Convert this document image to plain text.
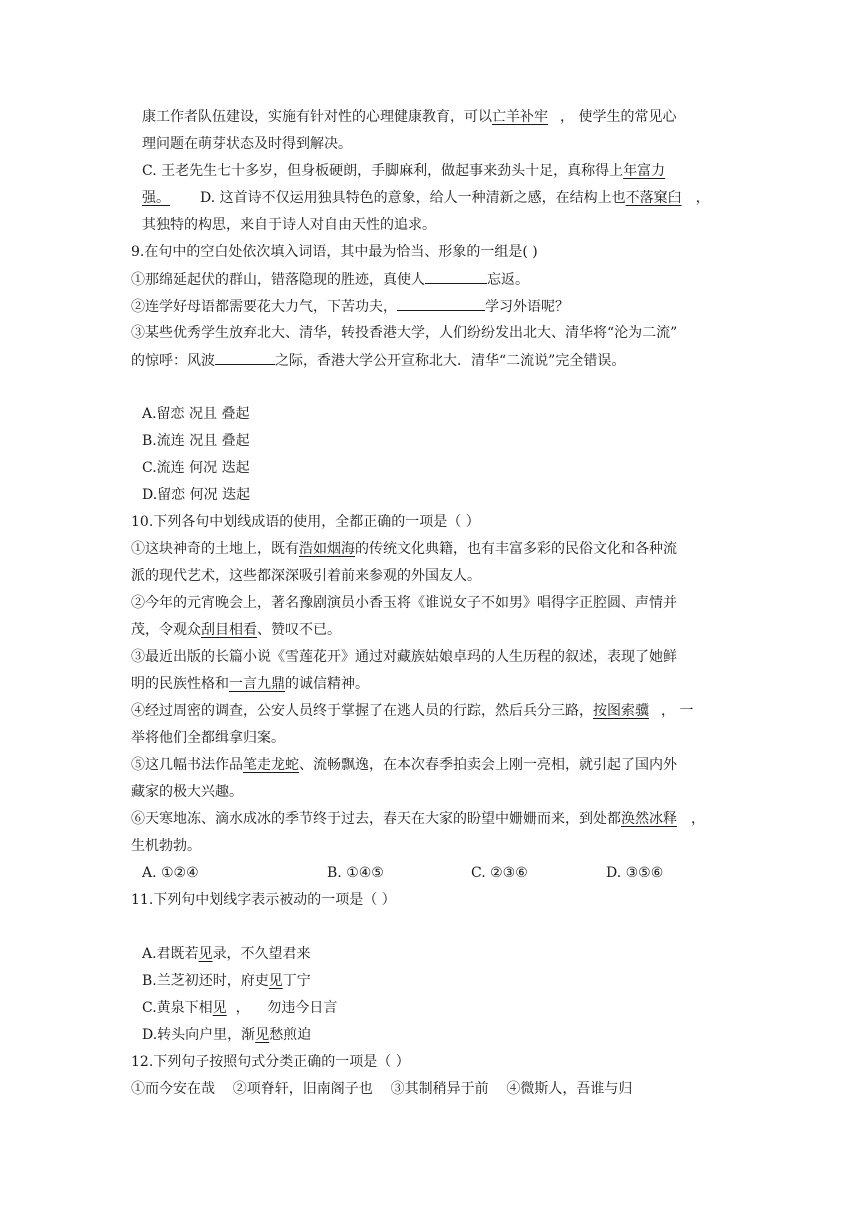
康工作者队伍建设，实施有针对性的心理健康教育，可以亡羊补牢 ， 使学生的常见心
理问题在萌芽状态及时得到解决。
C. 王老先生七十多岁，但身板硬朗，手脚麻利，做起事来劲头十足，真称得上年富力
强。 D. 这首诗不仅运用独具特色的意象，给人一种清新之感，在结构上也不落窠臼 ，
其独特的构思，来自于诗人对自由天性的追求。
9.在句中的空白处依次填入词语，其中最为恰当、形象的一组是( )
①那绵延起伏的群山，错落隐现的胜迹，真使人	忘返。
②连学好母语都需要花大力气，下苦功夫，	学习外语呢？
③某些优秀学生放弃北大、清华，转投香港大学，人们纷纷发出北大、清华将“沦为二流”
的惊呼：风波	之际，香港大学公开宣称北大．清华“二流说”完全错误。
A.留恋 况且 叠起
B.流连 况且 叠起
C.流连 何况 迭起
D.留恋 何况 迭起
10.下列各句中划线成语的使用，全都正确的一项是（ ）
①这块神奇的土地上，既有浩如烟海的传统文化典籍，也有丰富多彩的民俗文化和各种流
派的现代艺术，这些都深深吸引着前来参观的外国友人。
②今年的元宵晚会上，著名豫剧演员小香玉将《谁说女子不如男》唱得字正腔圆、声情并
茂，令观众刮目相看、赞叹不已。
③最近出版的长篇小说《雪莲花开》通过对藏族姑娘卓玛的人生历程的叙述，表现了她鲜
明的民族性格和一言九鼎的诚信精神。
④经过周密的调查，公安人员终于掌握了在逃人员的行踪，然后兵分三路，按图索骥 ， 一
举将他们全都缉拿归案。
⑤这几幅书法作品笔走龙蛇、流畅飘逸，在本次春季拍卖会上刚一亮相，就引起了国内外
藏家的极大兴趣。
⑥天寒地冻、滴水成冰的季节终于过去，春天在大家的盼望中姗姗而来，到处都涣然冰释 ，
生机勃勃。
A. ①②④	B. ①④⑤	C. ②③⑥	D. ③⑤⑥
11.下列句中划线字表示被动的一项是（ ）
A.君既若见录，不久望君来
B.兰芝初还时，府吏见丁宁
C.黄泉下相见  ，    勿违今日言
D.转头向户里，渐见愁煎迫
12.下列句子按照句式分类正确的一项是（ ）
①而今安在哉    ②项脊轩，旧南阁子也    ③其制稍异于前    ④微斯人，吾谁与归
